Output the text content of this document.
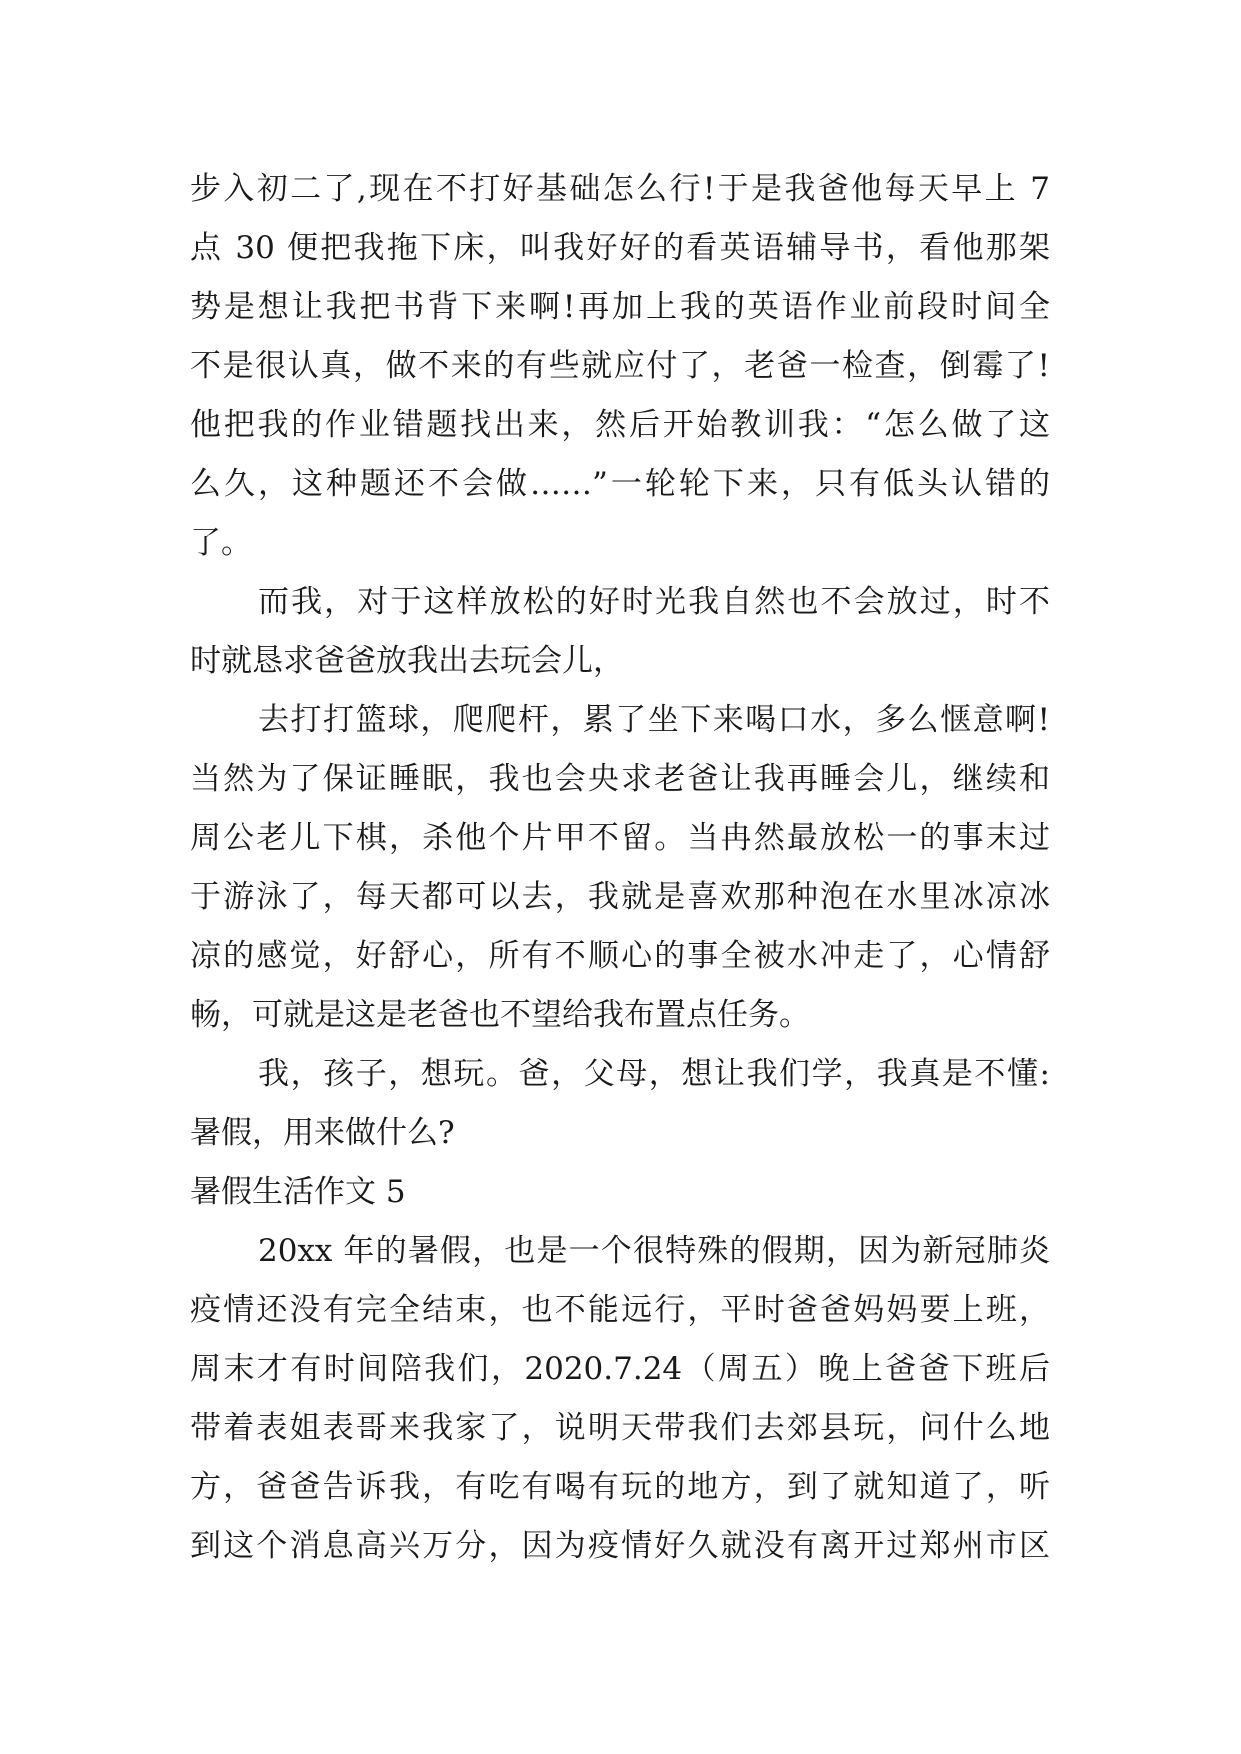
步入初二了,现在不打好基础怎么行!于是我爸他每天早上 7
点 30 便把我拖下床，叫我好好的看英语辅导书，看他那架
势是想让我把书背下来啊!再加上我的英语作业前段时间全
不是很认真，做不来的有些就应付了，老爸一检查，倒霉了!
他把我的作业错题找出来，然后开始教训我：“怎么做了这
么久，这种题还不会做……”一轮轮下来，只有低头认错的
了。
而我，对于这样放松的好时光我自然也不会放过，时不
时就恳求爸爸放我出去玩会儿，
去打打篮球，爬爬杆，累了坐下来喝口水，多么惬意啊!
当然为了保证睡眠，我也会央求老爸让我再睡会儿，继续和
周公老儿下棋，杀他个片甲不留。当冉然最放松一的事末过
于游泳了，每天都可以去，我就是喜欢那种泡在水里冰凉冰
凉的感觉，好舒心，所有不顺心的事全被水冲走了，心情舒
畅，可就是这是老爸也不望给我布置点任务。
我，孩子，想玩。爸，父母，想让我们学，我真是不懂:
暑假，用来做什么?
暑假生活作文 5
20xx 年的暑假，也是一个很特殊的假期，因为新冠肺炎
疫情还没有完全结束，也不能远行，平时爸爸妈妈要上班，
周末才有时间陪我们，2020.7.24（周五）晚上爸爸下班后
带着表姐表哥来我家了，说明天带我们去郊县玩，问什么地
方，爸爸告诉我，有吃有喝有玩的地方，到了就知道了，听
到这个消息高兴万分，因为疫情好久就没有离开过郑州市区
